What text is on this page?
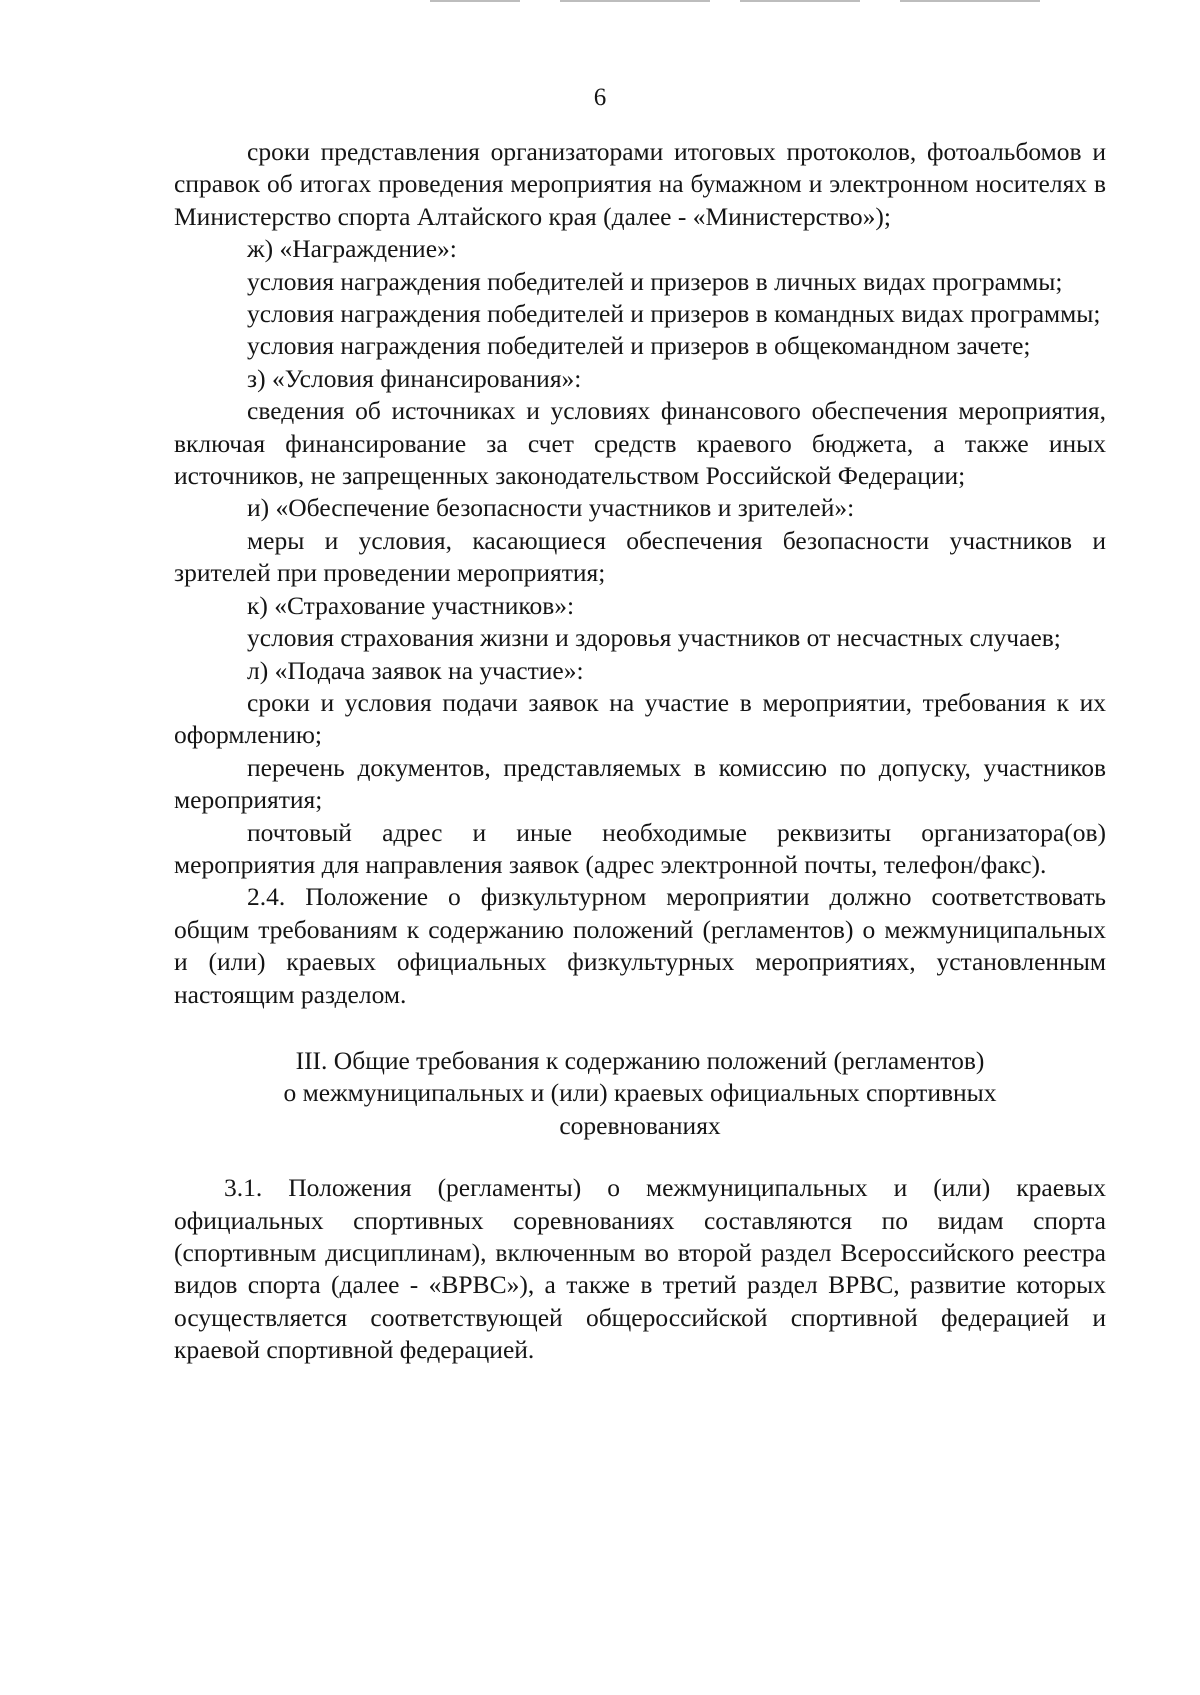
6

сроки представления организаторами итоговых протоколов, фотоальбомов и справок об итогах проведения мероприятия на бумажном и электронном носителях в Министерство спорта Алтайского края (далее - «Министерство»);

ж) «Награждение»:

условия награждения победителей и призеров в личных видах программы;

условия награждения победителей и призеров в командных видах программы;

условия награждения победителей и призеров в общекомандном зачете;

з) «Условия финансирования»:

сведения об источниках и условиях финансового обеспечения мероприятия, включая финансирование за счет средств краевого бюджета, а также иных источников, не запрещенных законодательством Российской Федерации;

и) «Обеспечение безопасности участников и зрителей»:

меры и условия, касающиеся обеспечения безопасности участников и зрителей при проведении мероприятия;

к) «Страхование участников»:

условия страхования жизни и здоровья участников от несчастных случаев;

л) «Подача заявок на участие»:

сроки и условия подачи заявок на участие в мероприятии, требования к их оформлению;

перечень документов, представляемых в комиссию по допуску, участников мероприятия;

почтовый адрес и иные необходимые реквизиты организатора(ов) мероприятия для направления заявок (адрес электронной почты, телефон/факс).

2.4. Положение о физкультурном мероприятии должно соответствовать общим требованиям к содержанию положений (регламентов) о межмуниципальных и (или) краевых официальных физкультурных мероприятиях, установленным настоящим разделом.

III. Общие требования к содержанию положений (регламентов)
о межмуниципальных и (или) краевых официальных спортивных
соревнованиях

3.1. Положения (регламенты) о межмуниципальных и (или) краевых официальных спортивных соревнованиях составляются по видам спорта (спортивным дисциплинам), включенным во второй раздел Всероссийского реестра видов спорта (далее - «ВРВС»), а также в третий раздел ВРВС, развитие которых осуществляется соответствующей общероссийской спортивной федерацией и краевой спортивной федерацией.
